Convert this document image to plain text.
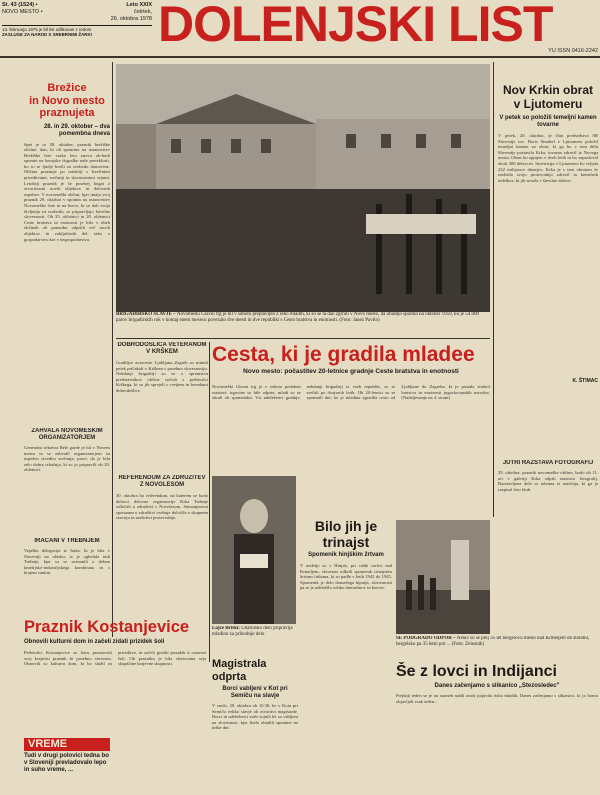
Št. 43 (1524) •	Leto XXIX
NOVO MESTO •	četrtek,
26. oktobra 1978
13. februarja 1975 je bil list odlikovan z redom
ZASLUGE ZA NAROD S SREBRNIMI ŽARKI	DOLENJSKI LIST
YU ISSN 0416-2242
Brežice
in Novo mesto
praznujeta
28. in 29. oktober – dva pomembna dneva
Spet je to 28. oktober, praznik brežiške občine, dan, ki ob spominu na ustanovitev Brežiške čete vsako leto znova ob-budi spomin na herojske dogodke naše preteklosti, ko so se ljudje borili za svobodo domovine. Občina praznuje po tradiciji s številnimi prireditvami, srečanji in slavnostnimi sejami. Letošnji praznik je še posebej bogat z otvoritvami novih objektov in delovnih uspehov. V novomeški občini, kjer imajo svoj praznik 29. oktobra v spomin na ustanovitev Novomeške čete in na borce, ki so dali svoja življenja za svobodo, se pripravljajo številne slovesnosti. Ob 35. obletnici in 20. obletnici Ceste bratstva in enotnosti je bilo v obeh občinah ob prazniku odprtih več novih objektov in zaključenih del, tako v gospodarstvu kot v negospodarstvu.
ZAHVALA NOVOMEŠKIM ORGANIZATORJEM
Generalni sekretar Bele garde je bil v Novem mestu in se zahvalil organizatorjem za uspešno izvedbo srečanja; pravi, da je bila zelo dobra izkušnja, ki so jo pripravili ob 20. obletnici.
IRAČANI V TREBNJEM
Vojaška delegacija iz Iraka, ki je bila v Sloveniji na obisku, si je ogledala tudi Trebnje, kjer so se seznanili z delom kmetijsko-industrijskega kombinata in s krajem samim.
Praznik Kostanjevice
Obnovili kulturni dom in začeli zidati prizidek šoli
Prebivalci Kostanjevice so letos praznovali svoj krajevni praznik še posebno slovesno. Obnovili so kulturni dom, ki bo služil za prireditve, in začeli graditi prizidek k osnovni šoli. Ob prazniku je bila slavnostna seja skupščine krajevne skupnosti.
VREME
Tudi v drugi polovici tedna bo v Sloveniji prevladovalo lepo in suho vreme, ...
BRIGADIRSKO SLAVJE – Novomeški Glavni trg je bil v soboto preplavljen z reko mladih, ki so se ta dan zgrnili v Novo mesto, da obudijo spomin na oktober 1959, ko je 54.000 parov brigadirskih rok v komaj enem mesecu povezalo dve mesti in dve republiki s Cesto bratstva in enotnosti. (Foto: Janez Pavlin)
DOBRODOŠLICA VETERANOM V KRŠKEM
Gradiljce avtoceste Ljubljana–Zagreb so minuli petek pričakali v Krškem s posebno slovesnostjo. Nekdanji brigadirji so se v spremstvu predstavnikov občine srečali s prebivalci Krškega, ki so jih sprejeli s cvetjem in besedami dobrodošlice.
REFERENDUM ZA ZDRUŽITEV Z NOVOLESOM
30. oktobra bo referendum, na katerem se bodo delavci delovne organizacije Krka Trebnje odločali o združitvi s Novolesom. Samoupravni sporazum o združitvi vsebuje določila o skupnem razvoju in razširitvi proizvodnje.
Cesta, ki je gradila mladee
Novo mesto: počastitev 20-letnice gradnje Ceste bratstva in enotnosti
Novomeški Glavni trg je v soboto podoben razstavi: trgovine so bile odprte, mladi so se zbrali ob spomeniku. Vsi udeleženci gradnje, nekdanji brigadirji iz vseh republik, so se srečali po dvajsetih letih. Ob 20-letnici so se spomnili dni, ko je mladina zgradila cesto od Ljubljane do Zagreba, ki je postala simbol bratstva in enotnosti jugoslovanskih narodov. (Nadaljevanje na 4. strani)
Lojze Briški: Udarniško delo pripravlja mladino za prihodnje delo
Bilo jih je trinajst
Spomenik hinjškim žrtvam
V nedeljo so v Hinjah, pri vaški cerkvi nad Krmeljem, slovesno odkrili spomenik trinajstim žrtvam fašizma, ki so padle v letih 1942 do 1945. Spomenik je delo domačega kiparja, slovesnosti pa se je udeležilo veliko domačinov in borcev.
ŠE PODGRADO ODPOR – Nenič so se prej 35 let bergelovo mesto nad Krmeljem ob stoletni, bergelsko pa 35 letni pot ... (Foto: Zeleznik)
Magistrala odprta
Borci vabljeni v Kot pri Semiču na slavje
V sredo, 29. oktobra ob 10.30, bo v Kotu pri Semiču veliko slavje ob otvoritvi magistrale. Borci in udeleženci vseh vojnih let so vabljeni na slovesnost, kjer bodo obudili spomine na težke dni.
Še z lovci in Indijanci
Danes začenjamo s slikanico „Stezosledec"
Prejšnji teden se je na straneh naših otrok pojavila risba mladih. Danes začenjamo s slikanico, ki jo bomo objavljali vsak teden...
Nov Krkin obrat v Ljutomeru
V petek so položili temeljni kamen tovarne
V petek, 20. oktobra, je član predsedstva SR Slovenije tov. Boris Šnuderl v Ljutomeru položil temeljni kamen za obrat, ki ga bo v tem delu Slovenije postavila Krka, tovarna zdravil iz Novega mesta. Obrat bo zgrajen v dveh letih in bo zaposloval okoli 300 delavcev. Investicija v Ljutomeru bo veljala 232 milijonov dinarjev. Krka je s tem obratom še razširila svojo proizvodnjo zdravil in kemičnih izdelkov, ki jih izvaža v številne države.
K. ŠTIMAC
JUTRI RAZSTAVA FOTOGRAFIJ
29. oktobra, praznik novomeške občine, bodo ob 11. uri v galeriji Krka odprli razstavo fotografij. Razstavljena dela so izbrana iz natečaja, ki ga je razpisal foto klub.
